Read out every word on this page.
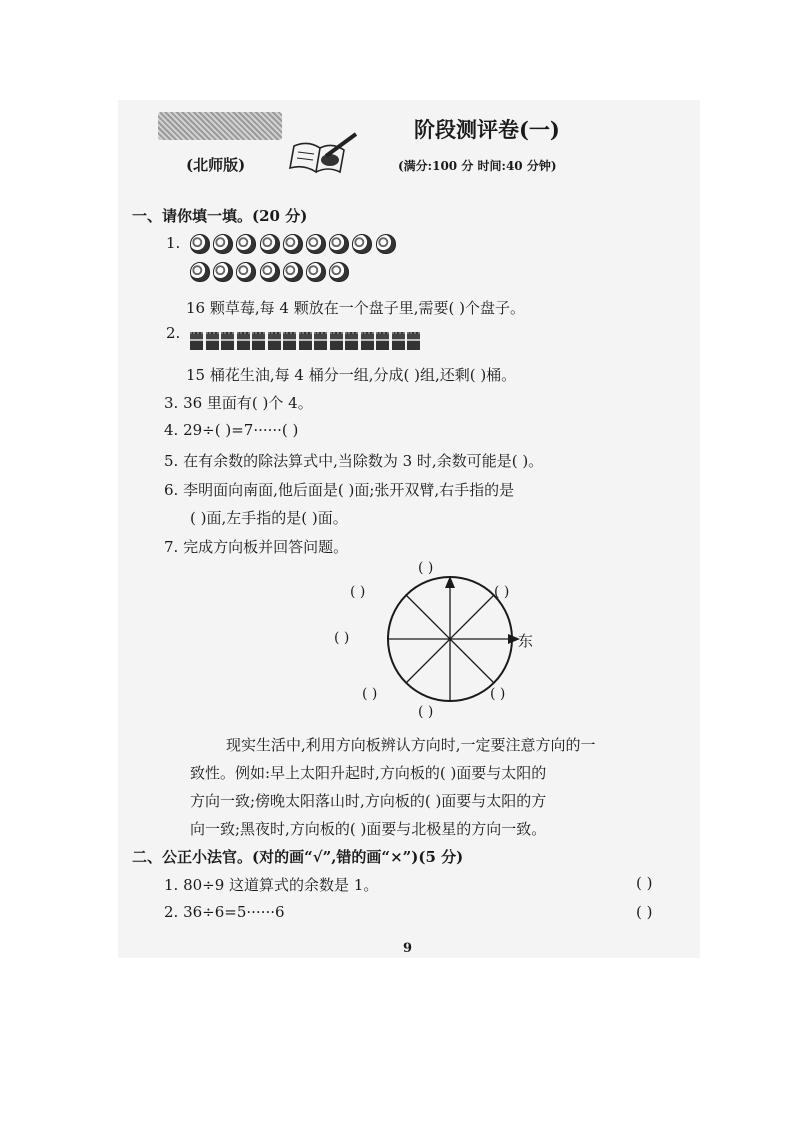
阶段测评卷(一)
(北师版)	(满分:100 分 时间:40 分钟)
一、请你填一填。(20 分)
1.
16 颗草莓,每 4 颗放在一个盘子里,需要( )个盘子。
2.
15 桶花生油,每 4 桶分一组,分成( )组,还剩( )桶。
3. 36 里面有( )个 4。
4. 29÷( )=7······( )
5. 在有余数的除法算式中,当除数为 3 时,余数可能是( )。
6. 李明面向南面,他后面是( )面;张开双臂,右手指的是
( )面,左手指的是( )面。
7. 完成方向板并回答问题。
东
( )
( )	( )
( )
( )	( )
( )
现实生活中,利用方向板辨认方向时,一定要注意方向的一
致性。例如:早上太阳升起时,方向板的( )面要与太阳的
方向一致;傍晚太阳落山时,方向板的( )面要与太阳的方
向一致;黑夜时,方向板的( )面要与北极星的方向一致。
二、公正小法官。(对的画“√”,错的画“×”)(5 分)
1. 80÷9 这道算式的余数是 1。	( )
2. 36÷6=5······6	( )
9
